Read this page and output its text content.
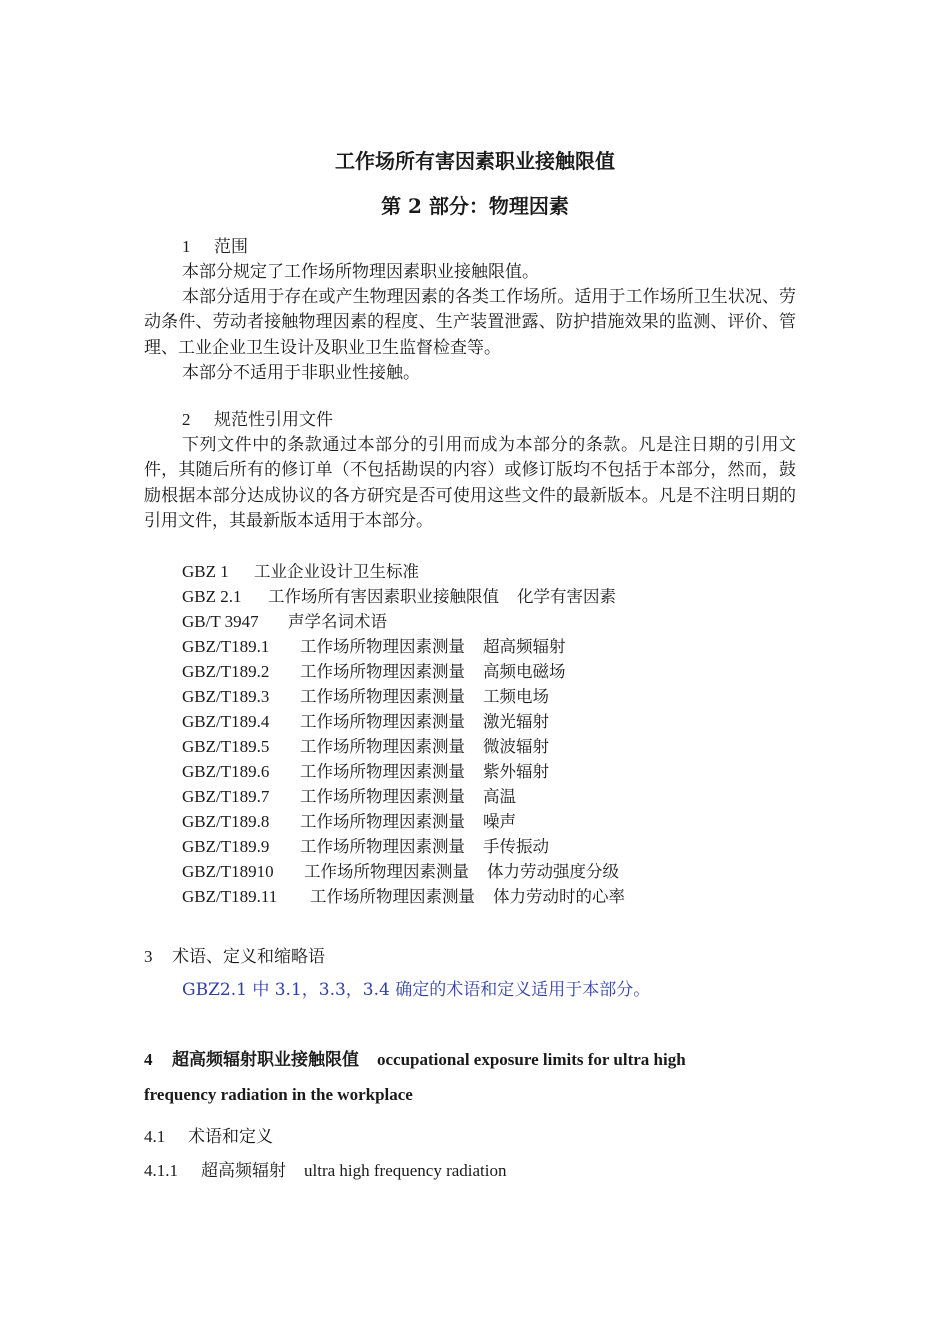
工作场所有害因素职业接触限值
第 2 部分：物理因素
1 范围

本部分规定了工作场所物理因素职业接触限值。

本部分适用于存在或产生物理因素的各类工作场所。适用于工作场所卫生状况、劳动条件、劳动者接触物理因素的程度、生产装置泄露、防护措施效果的监测、评价、管理、工业企业卫生设计及职业卫生监督检查等。

本部分不适用于非职业性接触。

2 规范性引用文件

下列文件中的条款通过本部分的引用而成为本部分的条款。凡是注日期的引用文件，其随后所有的修订单（不包括勘误的内容）或修订版均不包括于本部分，然而，鼓励根据本部分达成协议的各方研究是否可使用这些文件的最新版本。凡是不注明日期的引用文件，其最新版本适用于本部分。

GBZ 1	工业企业设计卫生标准
GBZ 2.1	工作场所有害因素职业接触限值 化学有害因素
GB/T 3947	声学名词术语
GBZ/T189.1	工作场所物理因素测量 超高频辐射
GBZ/T189.2	工作场所物理因素测量 高频电磁场
GBZ/T189.3	工作场所物理因素测量 工频电场
GBZ/T189.4	工作场所物理因素测量 激光辐射
GBZ/T189.5	工作场所物理因素测量 微波辐射
GBZ/T189.6	工作场所物理因素测量 紫外辐射
GBZ/T189.7	工作场所物理因素测量 高温
GBZ/T189.8	工作场所物理因素测量 噪声
GBZ/T189.9	工作场所物理因素测量 手传振动
GBZ/T18910	工作场所物理因素测量 体力劳动强度分级
GBZ/T189.11	工作场所物理因素测量 体力劳动时的心率
3 术语、定义和缩略语
GBZ2.1 中 3.1，3.3，3.4 确定的术语和定义适用于本部分。
4 超高频辐射职业接触限值 occupational exposure limits for ultra high
frequency radiation in the workplace
4.1 术语和定义
4.1.1 超高频辐射 ultra high frequency radiation
